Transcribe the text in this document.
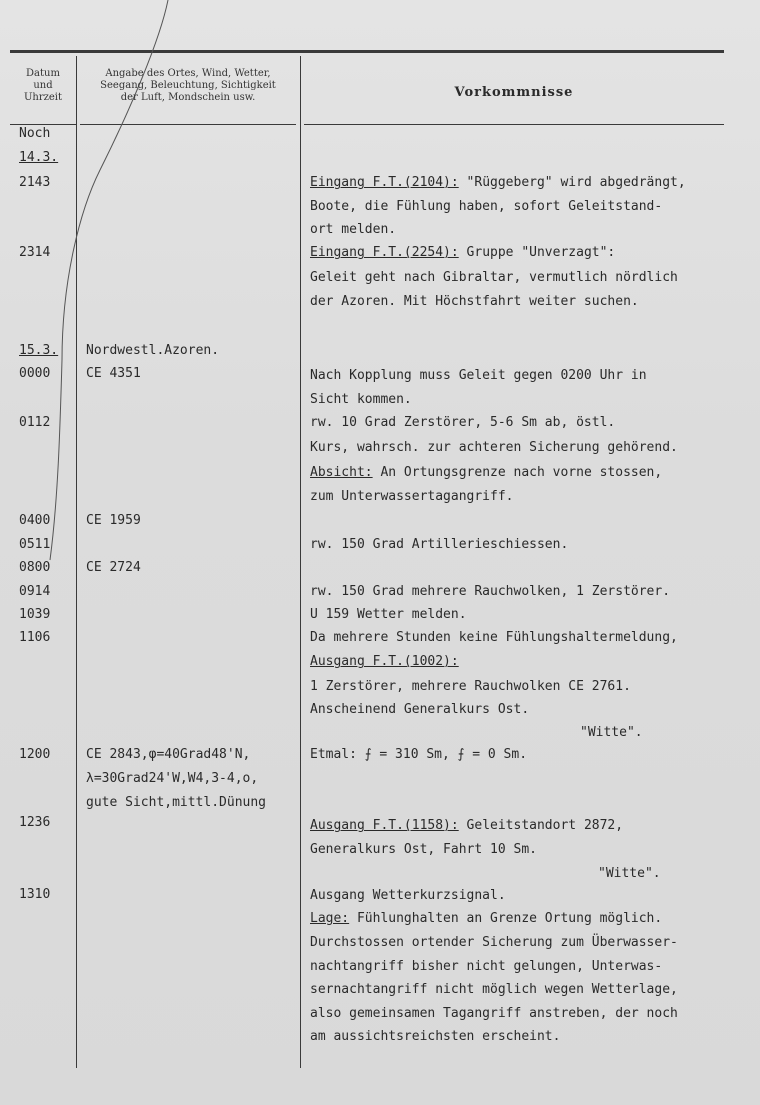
Datum
und
Uhrzeit
Angabe des Ortes, Wind, Wetter,
Seegang, Beleuchtung, Sichtigkeit
der Luft, Mondschein usw.	Vorkommnisse
Noch
14.3.
2143
2314
15.3.
0000
0112
0400
0511
0800
0914
1039
1106
1200
1236
1310
Nordwestl.Azoren.
CE 4351
CE 1959
CE 2724
CE 2843,φ=40Grad48'N,
λ=30Grad24'W,W4,3-4,o,
gute Sicht,mittl.Dünung
Eingang F.T.(2104): "Rüggeberg" wird abgedrängt,
Boote, die Fühlung haben, sofort Geleitstand-
ort melden.
Eingang F.T.(2254): Gruppe "Unverzagt":
Geleit geht nach Gibraltar, vermutlich nördlich
der Azoren. Mit Höchstfahrt weiter suchen.
Nach Kopplung muss Geleit gegen 0200 Uhr in
Sicht kommen.
rw. 10 Grad Zerstörer, 5-6 Sm ab, östl.
Kurs, wahrsch. zur achteren Sicherung gehörend.
Absicht: An Ortungsgrenze nach vorne stossen,
zum Unterwassertagangriff.
rw. 150 Grad Artillerieschiessen.
rw. 150 Grad mehrere Rauchwolken, 1 Zerstörer.
U 159 Wetter melden.
Da mehrere Stunden keine Fühlungshaltermeldung,
Ausgang F.T.(1002):
1 Zerstörer, mehrere Rauchwolken CE 2761.
Anscheinend Generalkurs Ost.
"Witte".
Etmal: ⨍ = 310 Sm, ⨍ = 0 Sm.
Ausgang F.T.(1158): Geleitstandort 2872,
Generalkurs Ost, Fahrt 10 Sm.
"Witte".
Ausgang Wetterkurzsignal.
Lage: Fühlunghalten an Grenze Ortung möglich.
Durchstossen ortender Sicherung zum Überwasser-
nachtangriff bisher nicht gelungen, Unterwas-
sernachtangriff nicht möglich wegen Wetterlage,
also gemeinsamen Tagangriff anstreben, der noch
am aussichtsreichsten erscheint.
